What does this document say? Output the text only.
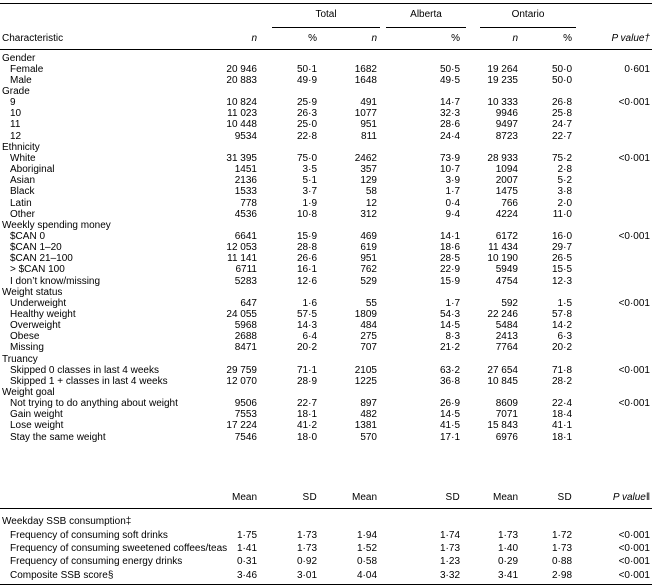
Total	Alberta	Ontario
Characteristic	n	%	n	%	n	%	P value†
Gender
Female	20 946	50·1	1682	50·5	19 264	50·0	0·601
Male	20 883	49·9	1648	49·5	19 235	50·0
Grade
9	10 824	25·9	491	14·7	10 333	26·8	<0·001
10	11 023	26·3	1077	32·3	9946	25·8
11	10 448	25·0	951	28·6	9497	24·7
12	9534	22·8	811	24·4	8723	22·7
Ethnicity
White	31 395	75·0	2462	73·9	28 933	75·2	<0·001
Aboriginal	1451	3·5	357	10·7	1094	2·8
Asian	2136	5·1	129	3·9	2007	5·2
Black	1533	3·7	58	1·7	1475	3·8
Latin	778	1·9	12	0·4	766	2·0
Other	4536	10·8	312	9·4	4224	11·0
Weekly spending money
$CAN 0	6641	15·9	469	14·1	6172	16·0	<0·001
$CAN 1–20	12 053	28·8	619	18·6	11 434	29·7
$CAN 21–100	11 141	26·6	951	28·5	10 190	26·5
> $CAN 100	6711	16·1	762	22·9	5949	15·5
I don’t know/missing	5283	12·6	529	15·9	4754	12·3
Weight status
Underweight	647	1·6	55	1·7	592	1·5	<0·001
Healthy weight	24 055	57·5	1809	54·3	22 246	57·8
Overweight	5968	14·3	484	14·5	5484	14·2
Obese	2688	6·4	275	8·3	2413	6·3
Missing	8471	20·2	707	21·2	7764	20·2
Truancy
Skipped 0 classes in last 4 weeks	29 759	71·1	2105	63·2	27 654	71·8	<0·001
Skipped 1 + classes in last 4 weeks	12 070	28·9	1225	36·8	10 845	28·2
Weight goal
Not trying to do anything about weight	9506	22·7	897	26·9	8609	22·4	<0·001
Gain weight	7553	18·1	482	14·5	7071	18·4
Lose weight	17 224	41·2	1381	41·5	15 843	41·1
Stay the same weight	7546	18·0	570	17·1	6976	18·1
Mean	SD	Mean	SD	Mean	SD	P value‖
Weekday SSB consumption‡
Frequency of consuming soft drinks	1·75	1·73	1·94	1·74	1·73	1·72	<0·001
Frequency of consuming sweetened coffees/teas 1·41	1·73	1·52	1·73	1·40	1·73	<0·001
Frequency of consuming energy drinks	0·31	0·92	0·58	1·23	0·29	0·88	<0·001
Composite SSB score§	3·46	3·01	4·04	3·32	3·41	2·98	<0·001
